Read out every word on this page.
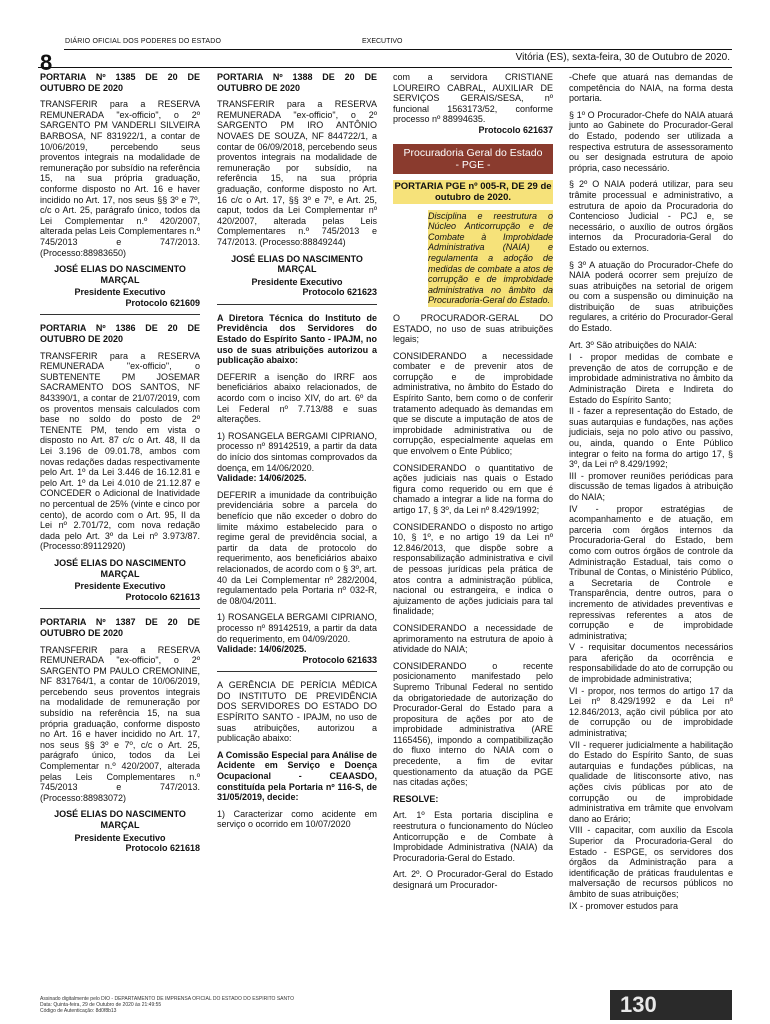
DIÁRIO OFICIAL DOS PODERES DO ESTADO	EXECUTIVO
8	Vitória (ES), sexta-feira, 30 de Outubro de 2020.

PORTARIA Nº 1385 DE 20 DE OUTUBRO DE 2020

TRANSFERIR para a RESERVA REMUNERADA "ex-officio", o 2º SARGENTO PM VANDERLI SILVEIRA BARBOSA, NF 831922/1, a contar de 10/06/2019, percebendo seus proventos integrais na modalidade de remuneração por subsídio na referência 15, na sua própria graduação, conforme disposto no Art. 16 e haver incidido no Art. 17, nos seus §§ 3º e 7º, c/c o Art. 25, parágrafo único, todos da Lei Complementar n.º 420/2007, alterada pelas Leis Complementares n.º 745/2013 e 747/2013. (Processo:88983650)

JOSÉ ELIAS DO NASCIMENTO MARÇAL

Presidente Executivo

Protocolo 621609

PORTARIA Nº 1386 DE 20 DE OUTUBRO DE 2020

TRANSFERIR para a RESERVA REMUNERADA "ex-officio", o SUBTENENTE PM JOSEMAR SACRAMENTO DOS SANTOS, NF 843390/1, a contar de 21/07/2019, com os proventos mensais calculados com base no soldo do posto de 2º TENENTE PM, tendo em vista o disposto no Art. 87 c/c o Art. 48, II da Lei 3.196 de 09.01.78, ambos com novas redações dadas respectivamente pelo Art. 1º da Lei 3.446 de 16.12.81 e pelo Art. 1º da Lei 4.010 de 21.12.87 e CONCEDER o Adicional de Inatividade no percentual de 25% (vinte e cinco por cento), de acordo com o Art. 95, II da Lei nº 2.701/72, com nova redação dada pelo Art. 3º da Lei nº 3.973/87. (Processo:89112920)

JOSÉ ELIAS DO NASCIMENTO MARÇAL

Presidente Executivo

Protocolo 621613

PORTARIA Nº 1387 DE 20 DE OUTUBRO DE 2020

TRANSFERIR para a RESERVA REMUNERADA "ex-officio", o 2º SARGENTO PM PAULO CREMONINE, NF 831764/1, a contar de 10/06/2019, percebendo seus proventos integrais na modalidade de remuneração por subsídio na referência 15, na sua própria graduação, conforme disposto no Art. 16 e haver incidido no Art. 17, nos seus §§ 3º e 7º, c/c o Art. 25, parágrafo único, todos da Lei Complementar n.º 420/2007, alterada pelas Leis Complementares n.º 745/2013 e 747/2013. (Processo:88983072)

JOSÉ ELIAS DO NASCIMENTO MARÇAL

Presidente Executivo

Protocolo 621618

PORTARIA Nº 1388 DE 20 DE OUTUBRO DE 2020

TRANSFERIR para a RESERVA REMUNERADA "ex-officio", o 2º SARGENTO PM IRO ANTÔNIO NOVAES DE SOUZA, NF 844722/1, a contar de 06/09/2018, percebendo seus proventos integrais na modalidade de remuneração por subsídio, na referência 15, na sua própria graduação, conforme disposto no Art. 16 c/c o Art. 17, §§ 3º e 7º, e Art. 25, caput, todos da Lei Complementar nº 420/2007, alterada pelas Leis Complementares n.º 745/2013 e 747/2013. (Processo:88849244)

JOSÉ ELIAS DO NASCIMENTO MARÇAL

Presidente Executivo

Protocolo 621623

A Diretora Técnica do Instituto de Previdência dos Servidores do Estado do Espírito Santo - IPAJM, no uso de suas atribuições autorizou a publicação abaixo:

DEFERIR a isenção do IRRF aos beneficiários abaixo relacionados, de acordo com o inciso XIV, do art. 6º da Lei Federal nº 7.713/88 e suas alterações.

1) ROSANGELA BERGAMI CIPRIANO, processo nº 89142519, a partir da data do início dos sintomas comprovados da doença, em 14/06/2020.

Validade: 14/06/2025.

DEFERIR a imunidade da contribuição previdenciária sobre a parcela do benefício que não exceder o dobro do limite máximo estabelecido para o regime geral de previdência social, a partir da data de protocolo do requerimento, aos beneficiários abaixo relacionados, de acordo com o § 3º, art. 40 da Lei Complementar nº 282/2004, regulamentado pela Portaria nº 032-R, de 08/04/2011.

1) ROSANGELA BERGAMI CIPRIANO, processo nº 89142519, a partir da data do requerimento, em 04/09/2020.

Validade: 14/06/2025.

Protocolo 621633

A GERÊNCIA DE PERÍCIA MÉDICA DO INSTITUTO DE PREVIDÊNCIA DOS SERVIDORES DO ESTADO DO ESPÍRITO SANTO - IPAJM, no uso de suas atribuições, autorizou a publicação abaixo:

A Comissão Especial para Análise de Acidente em Serviço e Doença Ocupacional - CEAASDO, constituída pela Portaria nº 116-S, de 31/05/2019, decide:

1) Caracterizar como acidente em serviço o ocorrido em 10/07/2020

com a servidora CRISTIANE LOUREIRO CABRAL, AUXILIAR DE SERVIÇOS GERAIS/SESA, nº funcional 1563173/52, conforme processo nº 88994635.

Protocolo 621637

Procuradoria Geral do Estado
- PGE -
PORTARIA PGE nº 005-R, DE 29 de outubro de 2020.

Disciplina e reestrutura o Núcleo Anticorrupção e de Combate à Improbidade Administrativa (NAIA) e regulamenta a adoção de medidas de combate a atos de corrupção e de improbidade administrativa no âmbito da Procuradoria-Geral do Estado.

O PROCURADOR-GERAL DO ESTADO, no uso de suas atribuições legais;

CONSIDERANDO a necessidade combater e de prevenir atos de corrupção e de improbidade administrativa, no âmbito do Estado do Espírito Santo, bem como o de conferir tratamento adequado às demandas em que se discute a imputação de atos de improbidade administrativa ou de corrupção, especialmente aquelas em que envolvem o Ente Público;

CONSIDERANDO o quantitativo de ações judiciais nas quais o Estado figura como requerido ou em que é chamado a integrar a lide na forma do artigo 17, § 3º, da Lei nº 8.429/1992;

CONSIDERANDO o disposto no artigo 10, § 1º, e no artigo 19 da Lei nº 12.846/2013, que dispõe sobre a responsabilização administrativa e civil de pessoas jurídicas pela prática de atos contra a administração pública, nacional ou estrangeira, e indica o ajuizamento de ações judiciais para tal finalidade;

CONSIDERANDO a necessidade de aprimoramento na estrutura de apoio à atividade do NAIA;

CONSIDERANDO o recente posicionamento manifestado pelo Supremo Tribunal Federal no sentido da obrigatoriedade de autorização do Procurador-Geral do Estado para a propositura de ações por ato de improbidade administrativa (ARE 1165456), impondo a compatibilização do fluxo interno do NAIA com o precedente, a fim de evitar questionamento da atuação da PGE nas citadas ações;

RESOLVE:

Art. 1º Esta portaria disciplina e reestrutura o funcionamento do Núcleo Anticorrupção e de Combate à Improbidade Administrativa (NAIA) da Procuradoria-Geral do Estado.

Art. 2º. O Procurador-Geral do Estado designará um Procurador-

-Chefe que atuará nas demandas de competência do NAIA, na forma desta portaria.

§ 1º O Procurador-Chefe do NAIA atuará junto ao Gabinete do Procurador-Geral do Estado, podendo ser utilizada a respectiva estrutura de assessoramento ou ser designada estrutura de apoio própria, caso necessário.

§ 2º O NAIA poderá utilizar, para seu trâmite processual e administrativo, a estrutura de apoio da Procuradoria do Contencioso Judicial - PCJ e, se necessário, o auxílio de outros órgãos internos da Procuradoria-Geral do Estado ou externos.

§ 3º A atuação do Procurador-Chefe do NAIA poderá ocorrer sem prejuízo de suas atribuições na setorial de origem ou com a suspensão ou diminuição na distribuição de suas atribuições regulares, a critério do Procurador-Geral do Estado.

Art. 3º São atribuições do NAIA:

I - propor medidas de combate e prevenção de atos de corrupção e de improbidade administrativa no âmbito da Administração Direta e Indireta do Estado do Espírito Santo;

II - fazer a representação do Estado, de suas autarquias e fundações, nas ações judiciais, seja no polo ativo ou passivo, ou, ainda, quando o Ente Público integrar o feito na forma do artigo 17, § 3º, da Lei nº 8.429/1992;

III - promover reuniões periódicas para discussão de temas ligados à atribuição do NAIA;

IV - propor estratégias de acompanhamento e de atuação, em parceria com órgãos internos da Procuradoria-Geral do Estado, bem como com outros órgãos de controle da Administração Estadual, tais como o Tribunal de Contas, o Ministério Público, a Secretaria de Controle e Transparência, dentre outros, para o incremento de atividades preventivas e repressivas referentes a atos de corrupção e de improbidade administrativa;

V - requisitar documentos necessários para aferição da ocorrência e responsabilidade do ato de corrupção ou de improbidade administrativa;

VI - propor, nos termos do artigo 17 da Lei nº 8.429/1992 e da Lei nº 12.846/2013, ação civil pública por ato de corrupção ou de improbidade administrativa;

VII - requerer judicialmente a habilitação do Estado do Espírito Santo, de suas autarquias e fundações públicas, na qualidade de litisconsorte ativo, nas ações civis públicas por ato de corrupção ou de improbidade administrativa em trâmite que envolvam dano ao Erário;

VIII - capacitar, com auxílio da Escola Superior da Procuradoria-Geral do Estado - ESPGE, os servidores dos órgãos da Administração para a identificação de práticas fraudulentas e malversação de recursos públicos no âmbito de suas atribuições;

IX - promover estudos para

Assinado digitalmente pelo DIO - DEPARTAMENTO DE IMPRENSA OFICIAL DO ESTADO DO ESPIRITO SANTO
Data: Quinta-feira, 29 de Outubro de 2020 às 21:49:55
Código de Autenticação: 8d0f8b13	130
